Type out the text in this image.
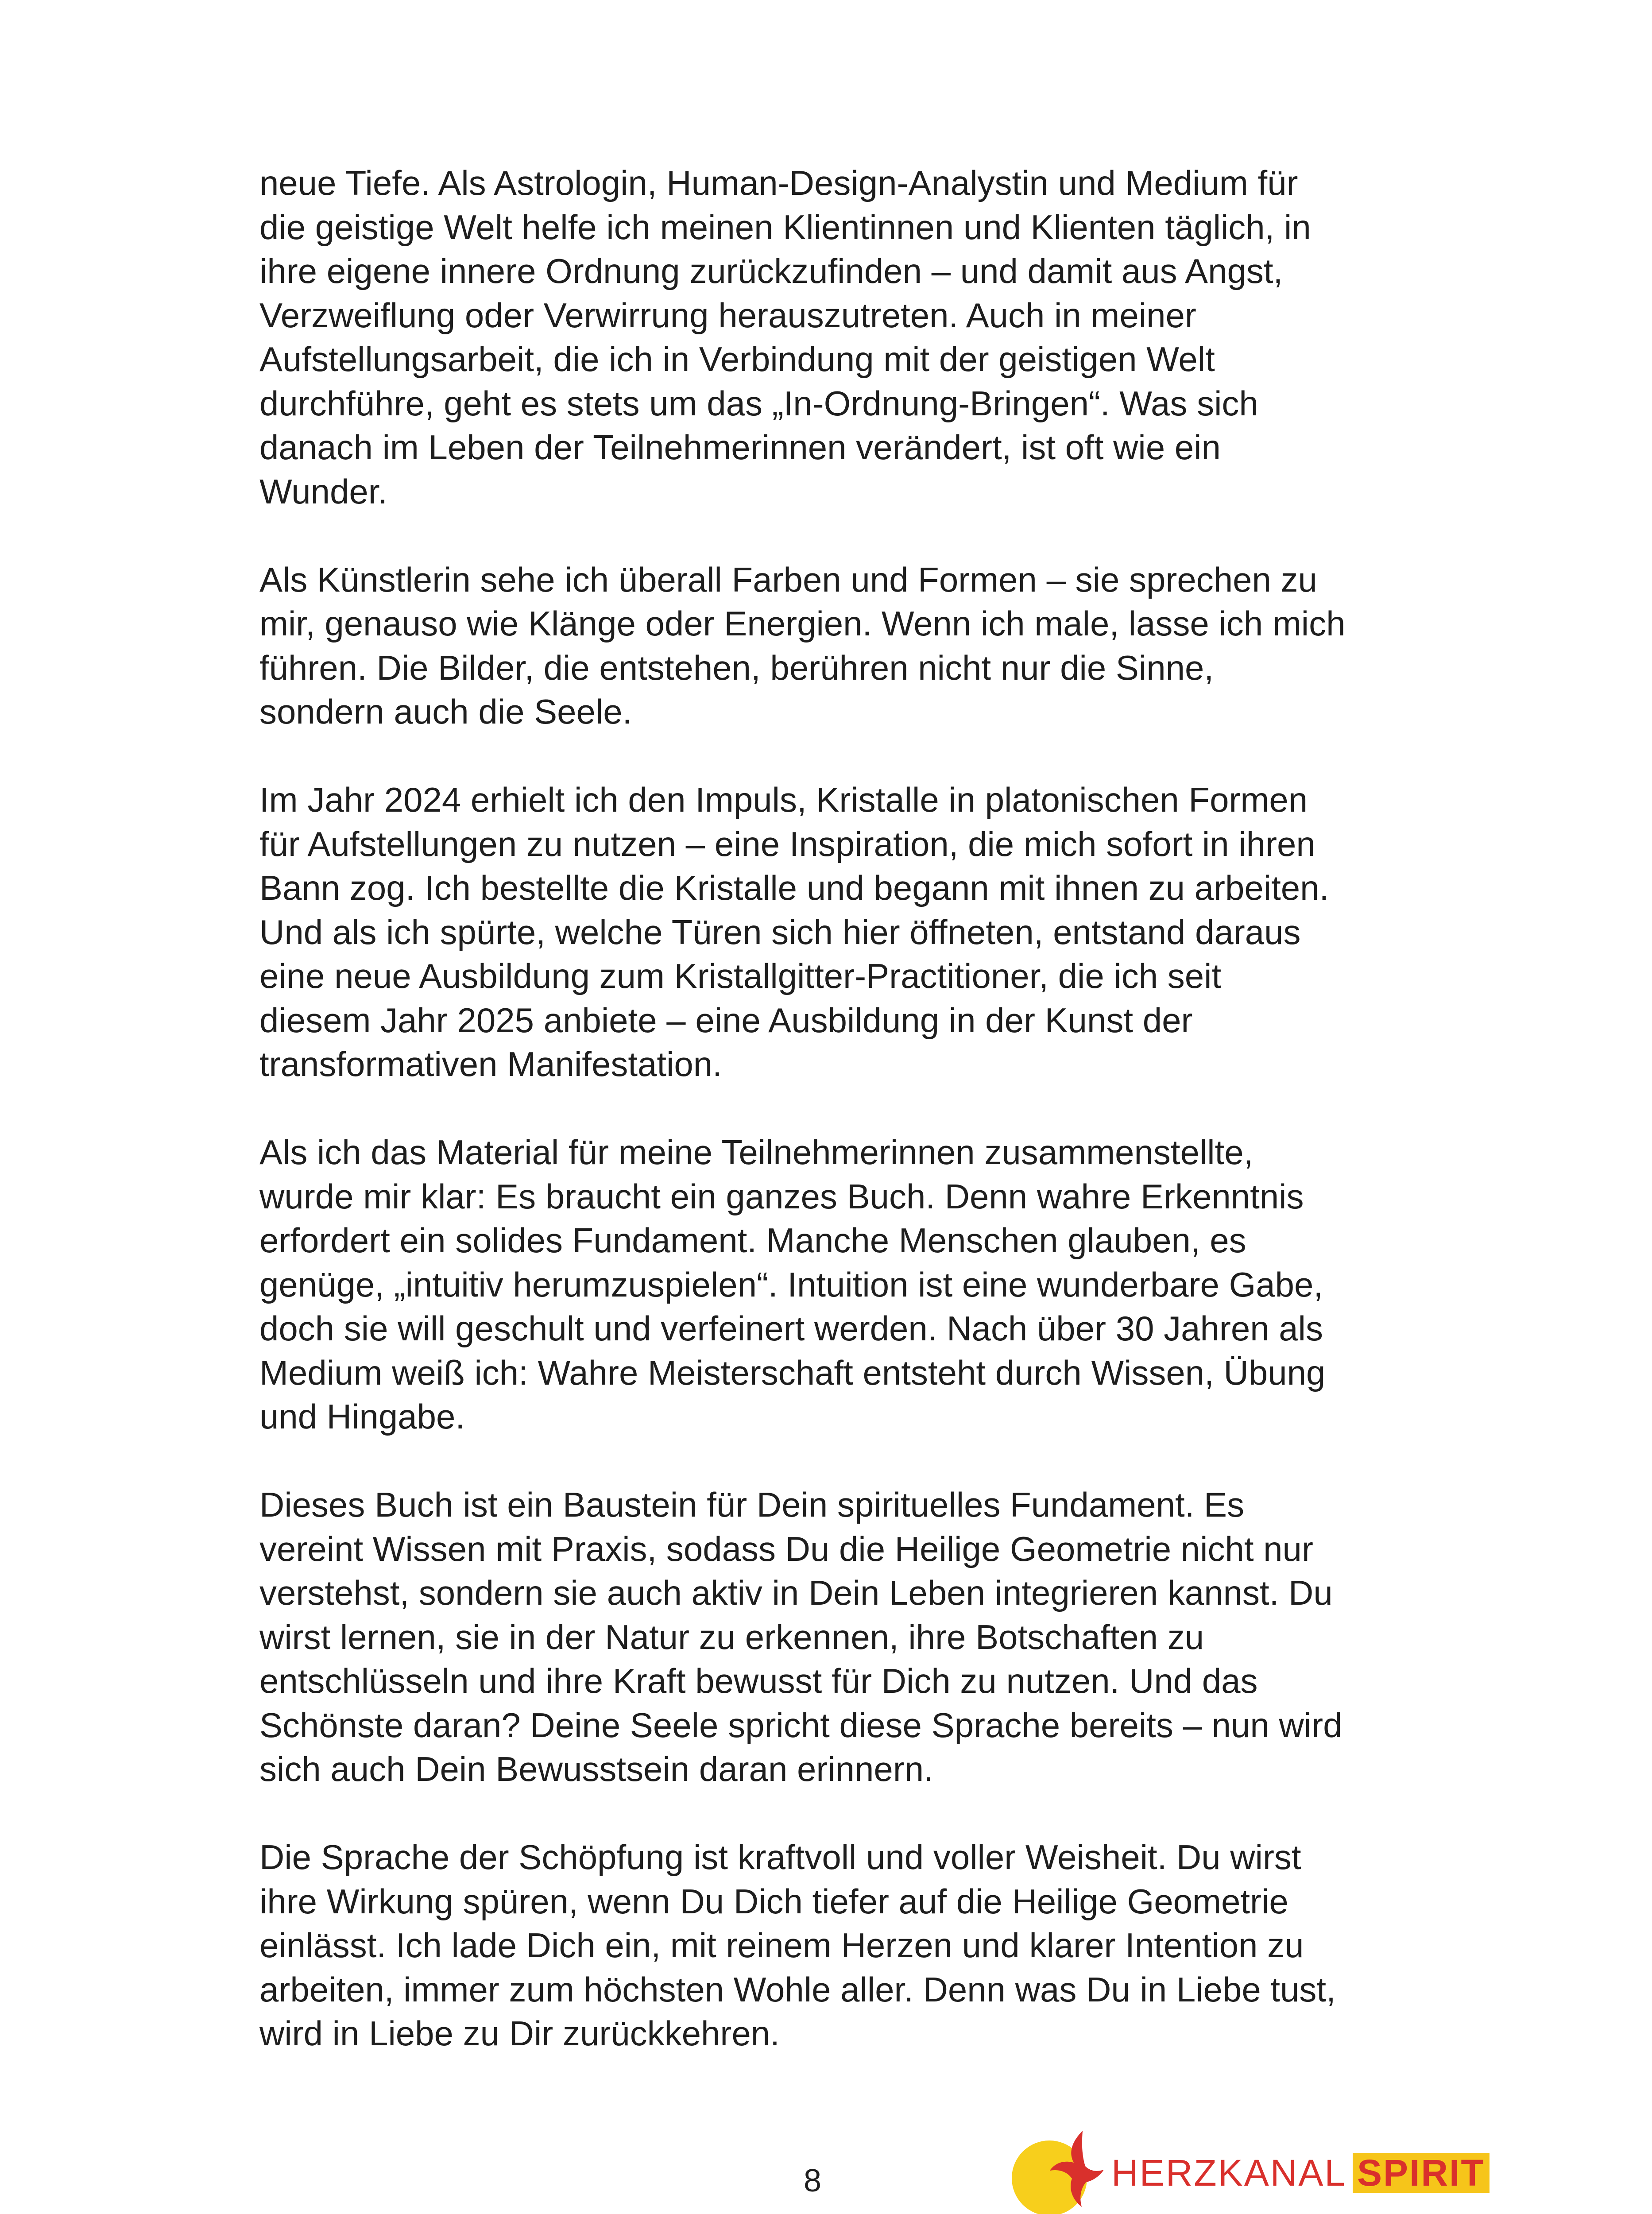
neue Tiefe. Als Astrologin, Human-Design-Analystin und Medium für
die geistige Welt helfe ich meinen Klientinnen und Klienten täglich, in
ihre eigene innere Ordnung zurückzufinden – und damit aus Angst,
Verzweiflung oder Verwirrung herauszutreten. Auch in meiner
Aufstellungsarbeit, die ich in Verbindung mit der geistigen Welt
durchführe, geht es stets um das „In-Ordnung-Bringen“. Was sich
danach im Leben der Teilnehmerinnen verändert, ist oft wie ein
Wunder.

Als Künstlerin sehe ich überall Farben und Formen – sie sprechen zu
mir, genauso wie Klänge oder Energien. Wenn ich male, lasse ich mich
führen. Die Bilder, die entstehen, berühren nicht nur die Sinne,
sondern auch die Seele.

Im Jahr 2024 erhielt ich den Impuls, Kristalle in platonischen Formen
für Aufstellungen zu nutzen – eine Inspiration, die mich sofort in ihren
Bann zog. Ich bestellte die Kristalle und begann mit ihnen zu arbeiten.
Und als ich spürte, welche Türen sich hier öffneten, entstand daraus
eine neue Ausbildung zum Kristallgitter-Practitioner, die ich seit
diesem Jahr 2025 anbiete – eine Ausbildung in der Kunst der
transformativen Manifestation.

Als ich das Material für meine Teilnehmerinnen zusammenstellte,
wurde mir klar: Es braucht ein ganzes Buch. Denn wahre Erkenntnis
erfordert ein solides Fundament. Manche Menschen glauben, es
genüge, „intuitiv herumzuspielen“. Intuition ist eine wunderbare Gabe,
doch sie will geschult und verfeinert werden. Nach über 30 Jahren als
Medium weiß ich: Wahre Meisterschaft entsteht durch Wissen, Übung
und Hingabe.

Dieses Buch ist ein Baustein für Dein spirituelles Fundament. Es
vereint Wissen mit Praxis, sodass Du die Heilige Geometrie nicht nur
verstehst, sondern sie auch aktiv in Dein Leben integrieren kannst. Du
wirst lernen, sie in der Natur zu erkennen, ihre Botschaften zu
entschlüsseln und ihre Kraft bewusst für Dich zu nutzen. Und das
Schönste daran? Deine Seele spricht diese Sprache bereits – nun wird
sich auch Dein Bewusstsein daran erinnern.

Die Sprache der Schöpfung ist kraftvoll und voller Weisheit. Du wirst
ihre Wirkung spüren, wenn Du Dich tiefer auf die Heilige Geometrie
einlässt. Ich lade Dich ein, mit reinem Herzen und klarer Intention zu
arbeiten, immer zum höchsten Wohle aller. Denn was Du in Liebe tust,
wird in Liebe zu Dir zurückkehren.

8	HERZKANAL SPIRIT
